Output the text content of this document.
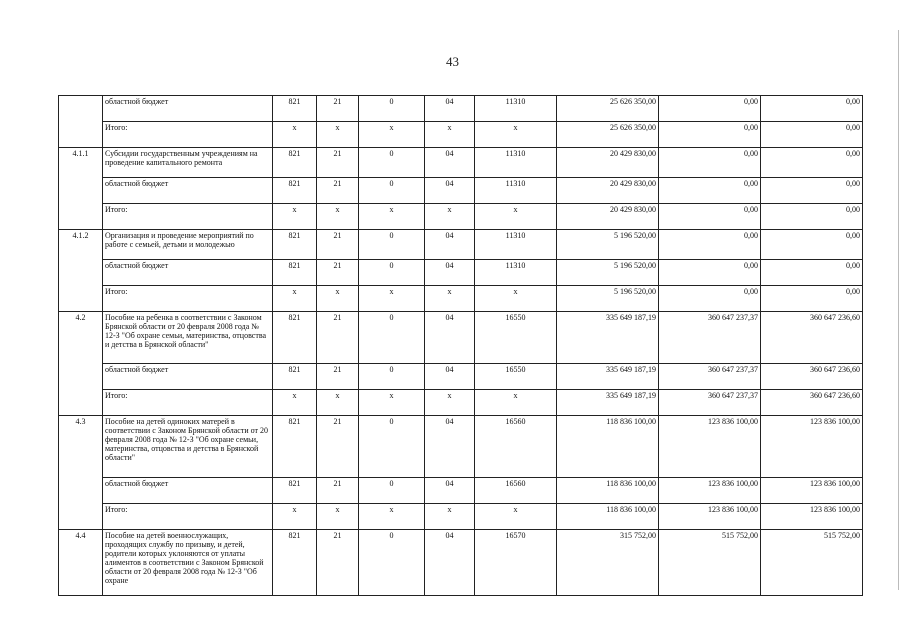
43
	областной бюджет	821	21	0	04	11310	25 626 350,00	0,00	0,00
	Итого:	x	x	x	x	x	25 626 350,00	0,00	0,00
4.1.1	Субсидии государственным учреждениям на проведение капитального ремонта	821	21	0	04	11310	20 429 830,00	0,00	0,00
	областной бюджет	821	21	0	04	11310	20 429 830,00	0,00	0,00
	Итого:	x	x	x	x	x	20 429 830,00	0,00	0,00
4.1.2	Организация и проведение мероприятий по работе с семьей, детьми и молодежью	821	21	0	04	11310	5 196 520,00	0,00	0,00
	областной бюджет	821	21	0	04	11310	5 196 520,00	0,00	0,00
	Итого:	x	x	x	x	x	5 196 520,00	0,00	0,00
4.2	Пособие на ребенка в соответствии с Законом Брянской области от 20 февраля 2008 года № 12-З "Об охране семьи, материнства, отцовства и детства в Брянской области"	821	21	0	04	16550	335 649 187,19	360 647 237,37	360 647 236,60
	областной бюджет	821	21	0	04	16550	335 649 187,19	360 647 237,37	360 647 236,60
	Итого:	x	x	x	x	x	335 649 187,19	360 647 237,37	360 647 236,60
4.3	Пособие на детей одиноких матерей в соответствии с Законом Брянской области от 20 февраля 2008 года № 12-З "Об охране семьи, материнства, отцовства и детства в Брянской области"	821	21	0	04	16560	118 836 100,00	123 836 100,00	123 836 100,00
	областной бюджет	821	21	0	04	16560	118 836 100,00	123 836 100,00	123 836 100,00
	Итого:	x	x	x	x	x	118 836 100,00	123 836 100,00	123 836 100,00
4.4	Пособие на детей военнослужащих, проходящих службу по призыву, и детей, родители которых уклоняются от уплаты алиментов в соответствии с Законом Брянской области от 20 февраля 2008 года № 12-З "Об охране	821	21	0	04	16570	315 752,00	515 752,00	515 752,00
